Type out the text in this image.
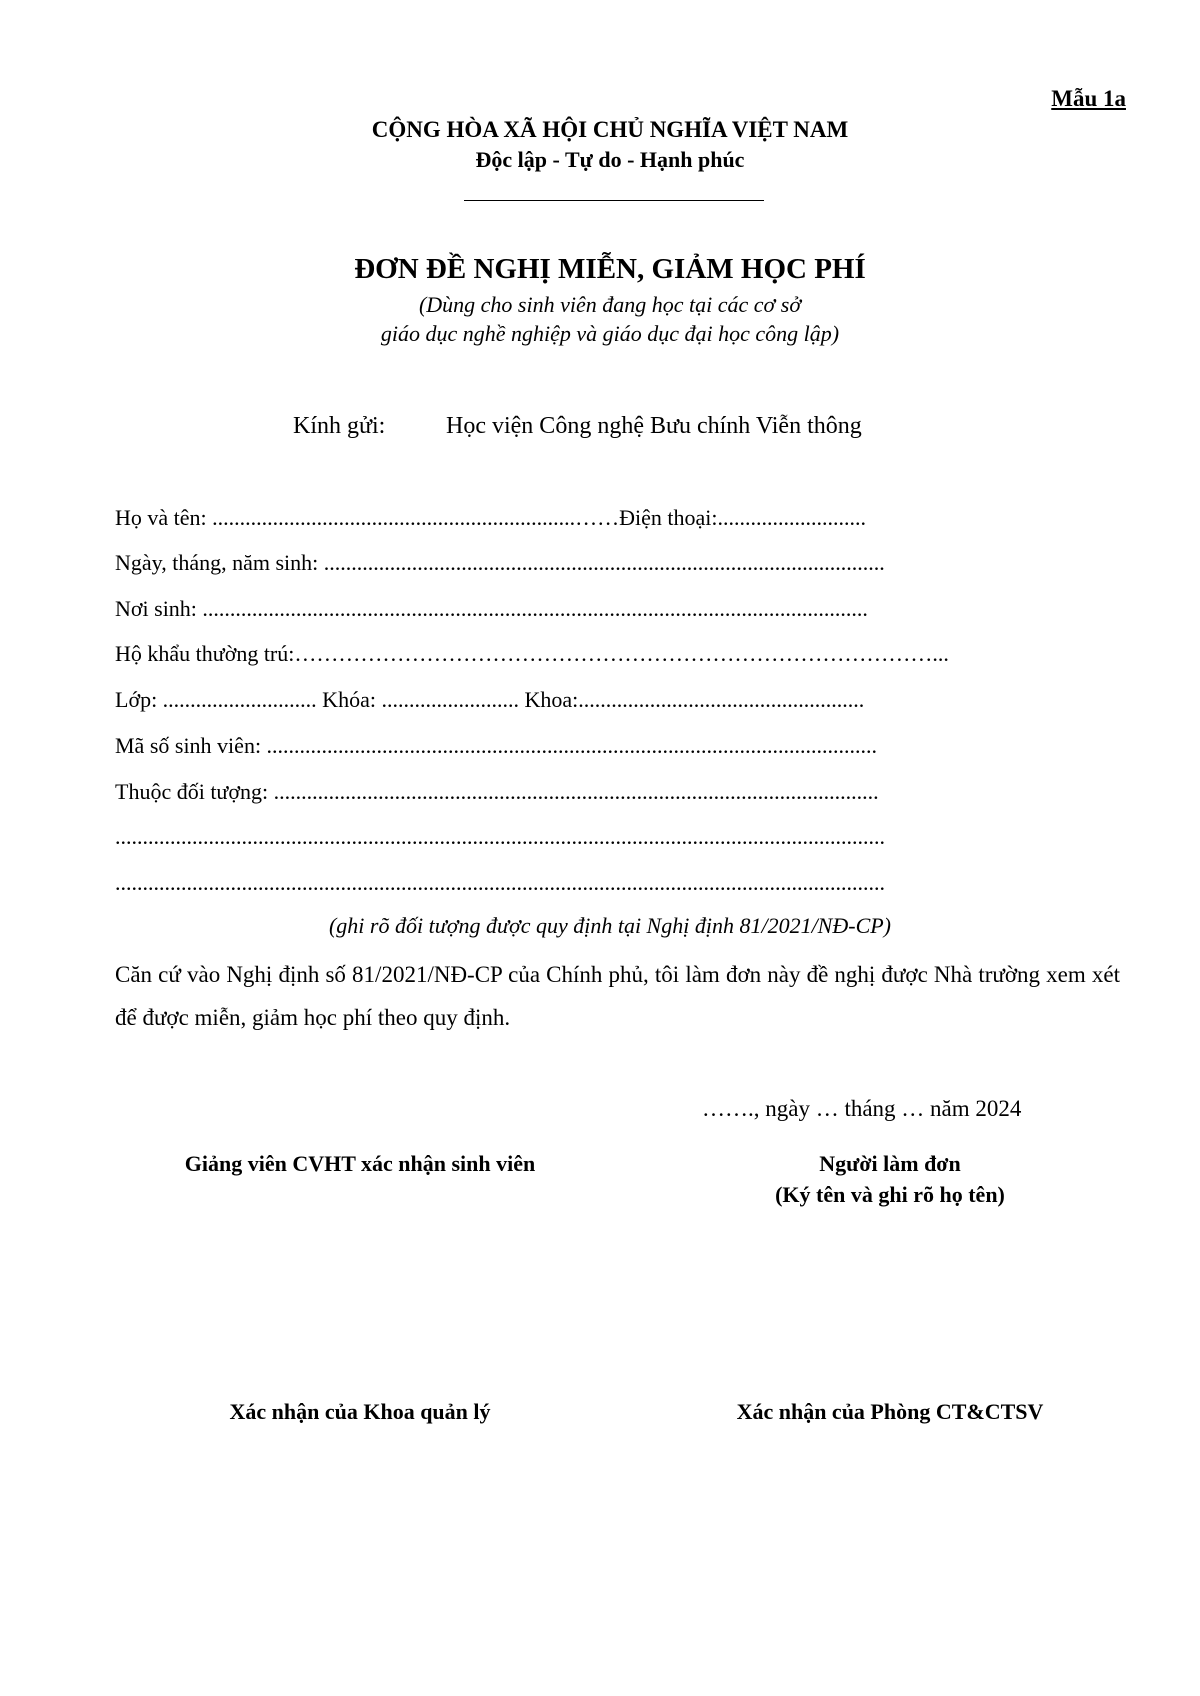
Mẫu 1a
CỘNG HÒA XÃ HỘI CHỦ NGHĨA VIỆT NAM
Độc lập - Tự do - Hạnh phúc
ĐƠN ĐỀ NGHỊ MIỄN, GIẢM HỌC PHÍ
(Dùng cho sinh viên đang học tại các cơ sở
giáo dục nghề nghiệp và giáo dục đại học công lập)
Kính gửi:	Học viện Công nghệ Bưu chính Viễn thông
Họ và tên: ..................................................................……Điện thoại:...........................
Ngày, tháng, năm sinh: ......................................................................................................
Nơi sinh: .........................................................................................................................
Hộ khẩu thường trú:……………………………………………………………………………...
Lớp: ............................ Khóa: ......................... Khoa:....................................................
Mã số sinh viên: ...............................................................................................................
Thuộc đối tượng: ..............................................................................................................
............................................................................................................................................
............................................................................................................................................
(ghi rõ đối tượng được quy định tại Nghị định 81/2021/NĐ-CP)
Căn cứ vào Nghị định số 81/2021/NĐ-CP của Chính phủ, tôi làm đơn này đề nghị được Nhà trường xem xét để được miễn, giảm học phí theo quy định.
……., ngày … tháng … năm 2024
Giảng viên CVHT xác nhận sinh viên	Người làm đơn
(Ký tên và ghi rõ họ tên)
Xác nhận của Khoa quản lý	Xác nhận của Phòng CT&CTSV
